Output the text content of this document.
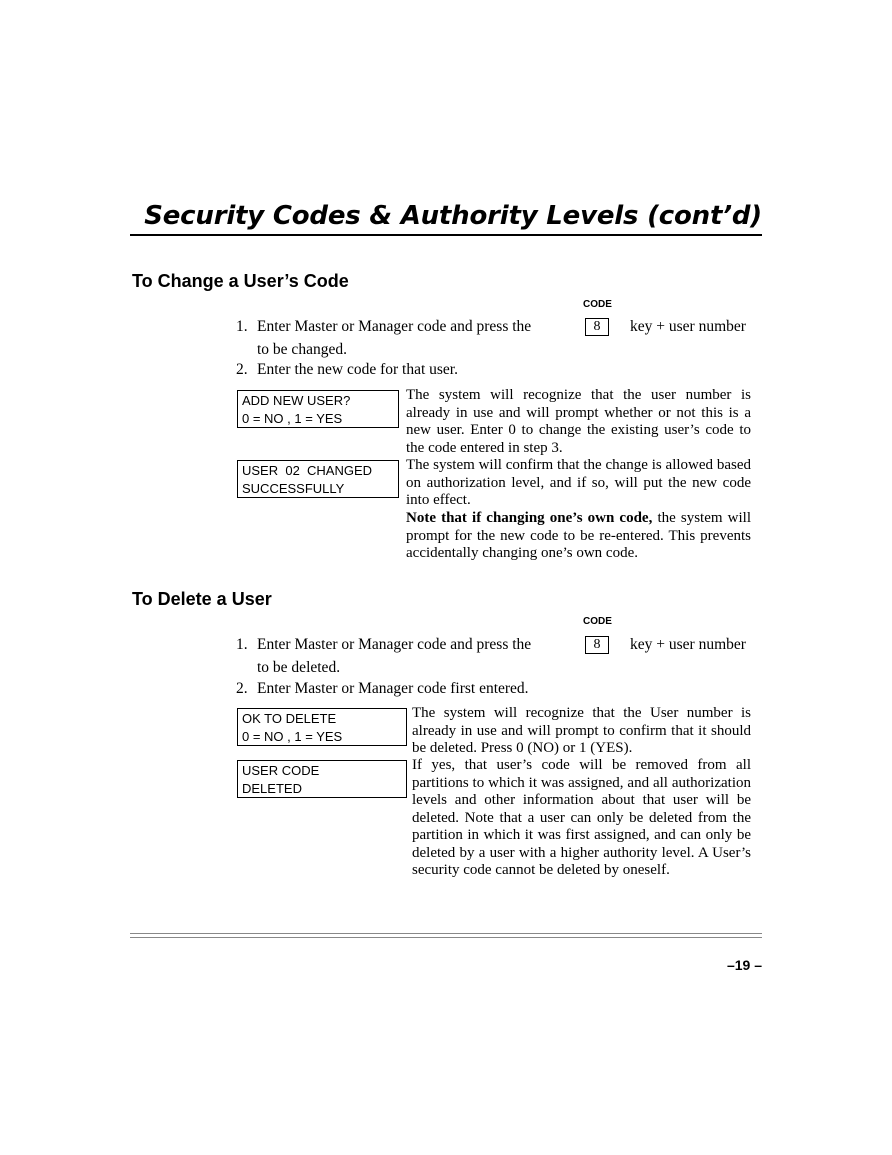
Security Codes & Authority Levels (cont’d)
To Change a User’s Code
CODE
1. Enter Master or Manager code and press the	8	key + user number
to be changed.
2. Enter the new code for that user.
ADD NEW USER?
0 = NO , 1 = YES
The system will recognize that the user number is already in use and will prompt whether or not this is a new user. Enter 0 to change the existing user’s code to the code entered in step 3.
USER  02  CHANGED
SUCCESSFULLY
The system will confirm that the change is allowed based on authorization level, and if so, will put the new code into effect.
Note that if changing one’s own code, the system will prompt for the new code to be re-entered. This prevents accidentally changing one’s own code.
To Delete a User
CODE
1. Enter Master or Manager code and press the	8	key + user number
to be deleted.
2. Enter Master or Manager code first entered.
OK TO DELETE
0 = NO , 1 = YES
The system will recognize that the User number is already in use and will prompt to confirm that it should be deleted. Press 0 (NO) or 1 (YES).
USER CODE
DELETED
If yes, that user’s code will be removed from all partitions to which it was assigned, and all authorization levels and other information about that user will be deleted. Note that a user can only be deleted from the partition in which it was first assigned, and can only be deleted by a user with a higher authority level. A User’s security code cannot be deleted by oneself.
–19 –
